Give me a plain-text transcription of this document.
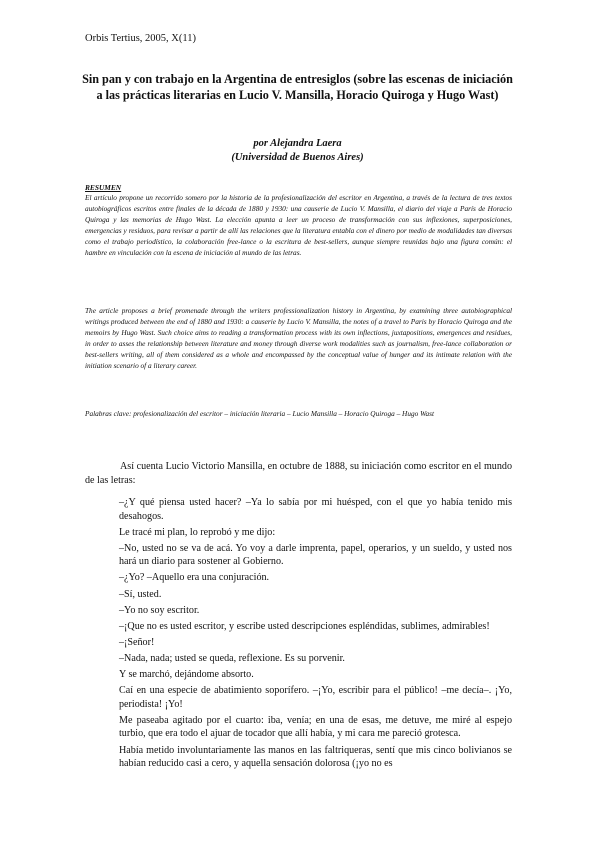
Orbis Tertius, 2005, X(11)
Sin pan y con trabajo en la Argentina de entresiglos (sobre las escenas de iniciación a las prácticas literarias en Lucio V. Mansilla, Horacio Quiroga y Hugo Wast)
por Alejandra Laera
(Universidad de Buenos Aires)
RESUMEN

El artículo propone un recorrido somero por la historia de la profesionalización del escritor en Argentina, a través de la lectura de tres textos autobiográficos escritos entre finales de la década de 1880 y 1930: una causerie de Lucio V. Mansilla, el diario del viaje a París de Horacio Quiroga y las memorias de Hugo Wast. La elección apunta a leer un proceso de transformación con sus inflexiones, superposiciones, emergencias y residuos, para revisar a partir de allí las relaciones que la literatura entabla con el dinero por medio de modalidades tan diversas como el trabajo periodístico, la colaboración free-lance o la escritura de best-sellers, aunque siempre reunidas bajo una figura común: el hambre en vinculación con la escena de iniciación al mundo de las letras.

The article proposes a brief promenade through the writers professionalization history in Argentina, by examining three autobiographical writings produced between the end of 1880 and 1930: a causerie by Lucio V. Mansilla, the notes of a travel to Paris by Horacio Quiroga and the memoirs by Hugo Wast. Such choice aims to reading a transformation process with its own inflections, juxtapositions, emergences and residues, in order to asses the relationship between literature and money through diverse work modalities such as journalism, free-lance collaboration or best-sellers writing, all of them considered as a whole and encompassed by the conceptual value of hunger and its intimate relation with the initiation scenario of a literary career.

Palabras clave: profesionalización del escritor – iniciación literaria – Lucio Mansilla – Horacio Quiroga – Hugo Wast

Así cuenta Lucio Victorio Mansilla, en octubre de 1888, su iniciación como escritor en el mundo de las letras:

–¿Y qué piensa usted hacer? –Ya lo sabía por mi huésped, con el que yo había tenido mis desahogos.

Le tracé mi plan, lo reprobó y me dijo:

–No, usted no se va de acá. Yo voy a darle imprenta, papel, operarios, y un sueldo, y usted nos hará un diario para sostener al Gobierno.

–¿Yo? –Aquello era una conjuración.

–Sí, usted.

–Yo no soy escritor.

–¡Que no es usted escritor, y escribe usted descripciones espléndidas, sublimes, admirables!

–¡Señor!

–Nada, nada; usted se queda, reflexione. Es su porvenir.

Y se marchó, dejándome absorto.

Caí en una especie de abatimiento soporífero. –¡Yo, escribir para el público! –me decía–. ¡Yo, periodista! ¡Yo!

Me paseaba agitado por el cuarto: iba, venía; en una de esas, me detuve, me miré al espejo turbio, que era todo el ajuar de tocador que allí había, y mi cara me pareció grotesca.

Había metido involuntariamente las manos en las faltriqueras, sentí que mis cinco bolivianos se habían reducido casi a cero, y aquella sensación dolorosa (¡yo no es
